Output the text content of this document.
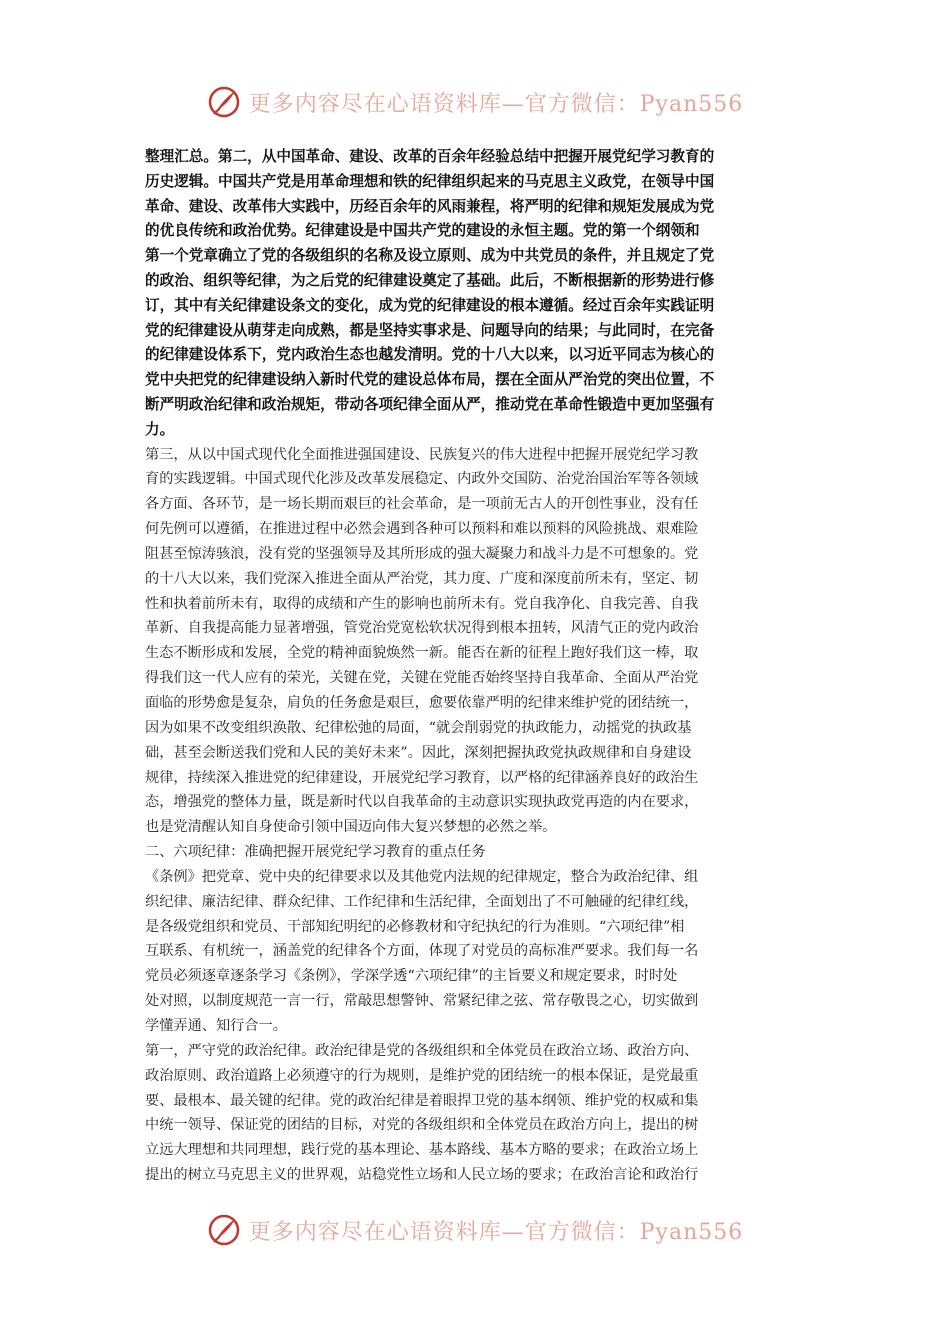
更多内容尽在心语资料库—官方微信：Pyan556

整理汇总。第二，从中国革命、建设、改革的百余年经验总结中把握开展党纪学习教育的
历史逻辑。中国共产党是用革命理想和铁的纪律组织起来的马克思主义政党，在领导中国
革命、建设、改革伟大实践中，历经百余年的风雨兼程，将严明的纪律和规矩发展成为党
的优良传统和政治优势。纪律建设是中国共产党的建设的永恒主题。党的第一个纲领和
第一个党章确立了党的各级组织的名称及设立原则、成为中共党员的条件，并且规定了党
的政治、组织等纪律，为之后党的纪律建设奠定了基础。此后，不断根据新的形势进行修
订，其中有关纪律建设条文的变化，成为党的纪律建设的根本遵循。经过百余年实践证明
党的纪律建设从萌芽走向成熟，都是坚持实事求是、问题导向的结果；与此同时，在完备
的纪律建设体系下，党内政治生态也越发清明。党的十八大以来，以习近平同志为核心的
党中央把党的纪律建设纳入新时代党的建设总体布局，摆在全面从严治党的突出位置，不
断严明政治纪律和政治规矩，带动各项纪律全面从严，推动党在革命性锻造中更加坚强有
力。

第三，从以中国式现代化全面推进强国建设、民族复兴的伟大进程中把握开展党纪学习教
育的实践逻辑。中国式现代化涉及改革发展稳定、内政外交国防、治党治国治军等各领域
各方面、各环节，是一场长期而艰巨的社会革命，是一项前无古人的开创性事业，没有任
何先例可以遵循，在推进过程中必然会遇到各种可以预料和难以预料的风险挑战、艰难险
阻甚至惊涛骇浪，没有党的坚强领导及其所形成的强大凝聚力和战斗力是不可想象的。党
的十八大以来，我们党深入推进全面从严治党，其力度、广度和深度前所未有，坚定、韧
性和执着前所未有，取得的成绩和产生的影响也前所未有。党自我净化、自我完善、自我
革新、自我提高能力显著增强，管党治党宽松软状况得到根本扭转，风清气正的党内政治
生态不断形成和发展，全党的精神面貌焕然一新。能否在新的征程上跑好我们这一棒，取
得我们这一代人应有的荣光，关键在党，关键在党能否始终坚持自我革命、全面从严治党
面临的形势愈是复杂，肩负的任务愈是艰巨，愈要依靠严明的纪律来维护党的团结统一，
因为如果不改变组织涣散、纪律松弛的局面，“就会削弱党的执政能力，动摇党的执政基
础，甚至会断送我们党和人民的美好未来”。因此，深刻把握执政党执政规律和自身建设
规律，持续深入推进党的纪律建设，开展党纪学习教育，以严格的纪律涵养良好的政治生
态，增强党的整体力量，既是新时代以自我革命的主动意识实现执政党再造的内在要求，
也是党清醒认知自身使命引领中国迈向伟大复兴梦想的必然之举。

二、六项纪律：准确把握开展党纪学习教育的重点任务

《条例》把党章、党中央的纪律要求以及其他党内法规的纪律规定，整合为政治纪律、组
织纪律、廉洁纪律、群众纪律、工作纪律和生活纪律，全面划出了不可触碰的纪律红线，
是各级党组织和党员、干部知纪明纪的必修教材和守纪执纪的行为准则。“六项纪律”相
互联系、有机统一，涵盖党的纪律各个方面，体现了对党员的高标准严要求。我们每一名
党员必须逐章逐条学习《条例》，学深学透“六项纪律”的主旨要义和规定要求，时时处
处对照，以制度规范一言一行，常敲思想警钟、常紧纪律之弦、常存敬畏之心，切实做到
学懂弄通、知行合一。

第一，严守党的政治纪律。政治纪律是党的各级组织和全体党员在政治立场、政治方向、
政治原则、政治道路上必须遵守的行为规则，是维护党的团结统一的根本保证，是党最重
要、最根本、最关键的纪律。党的政治纪律是着眼捍卫党的基本纲领、维护党的权威和集
中统一领导、保证党的团结的目标，对党的各级组织和全体党员在政治方向上，提出的树
立远大理想和共同理想，践行党的基本理论、基本路线、基本方略的要求；在政治立场上
提出的树立马克思主义的世界观，站稳党性立场和人民立场的要求；在政治言论和政治行

更多内容尽在心语资料库—官方微信：Pyan556
